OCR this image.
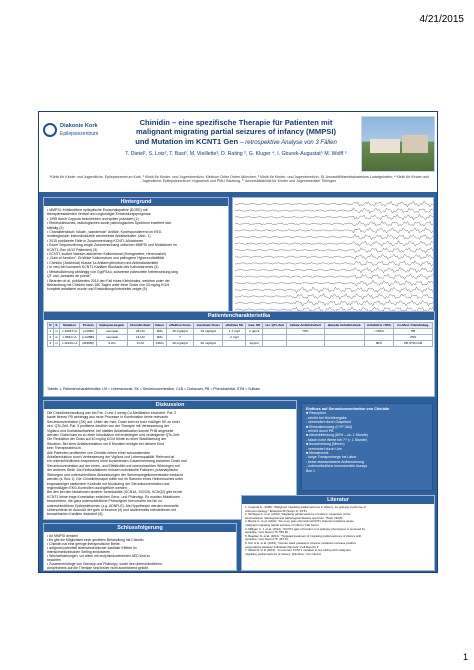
4/21/2015
Diakonie Kork
Epilepsiezentrum
Chinidin – eine spezifische Therapie für Patienten mit
malignant migrating partial seizures of infancy (MMPSI)
und Mutation im KCNT1 Gen – retrospektive Analyse von 3 Fällen
T. Dietel¹, S. Lotz², T. Bast¹, M. Vieillette³, D. Rating ², G. Kluger ⁴, I. Gburek-Augustat⁵ M. Wolff ⁵
¹Klinik für Kinder und Jugendliche, Epilepsiezentrum Kork, ² Klinik für Kinder- und Jugendmedizin, Klinikum Ortler Orden München, ³ Klinik für Kinder- und Jugendmedizin, St. Annastift/Hannibalzweckes Ludwigshafen, ⁴ Klinik für Kinder und Jugendliche, Epilepsiezentrum Vogtareuth und PMU Salzburg, ⁵ Universitätsklinik für Kinder und Jugendmedizin Tübingen
Hintergrund
• MMPSI: frühkindliche epileptische Enzephalopathie (EOEE) mit
therapieresistenten Verlauf und ungünstiger Entwicklungsprognose
• 1995 durch Coppola beschrieben und später präzisiert (1)
• Elektroklinisches, radiologisches sowie pathologisches Spektrum erweitert sich
ständig (2)
• Charakteristisch: fokale, „wandernde" Anfälle, Korrespondierend im EEG
multiregionale, interindividuelle wechselnde Anfallsmuster. (Abb. 1)
• 2015 publizierte Fälle in Zusammenhang KCNT1-Mutationen
• Exom Sequenzierung zeigte Zusammenhang zwischen MMPSI und Mutationen im
KCNT1-Gen (6/12 Patienten) (3)
• KCNT1 kodiert Natrium-aktivierten Kaliumkanal (Homgewebe, Herzmuskel)
• „Gain of function": Erhöhter Kaliumstrom und pathogene Hyperexzitabilität
• Chinidin (Jodchinat) Klasse 1a Antiarrhythmikum und Antimalariamittel
• In vitro bei humanen KCNT1 Kanälen Blockade des Kaliumstromes (4)
• Metabolisierung abhängig von CypP3A4, schwerste potenzielle Nebenwirkung lang
QT und „torsades de pointe"
• Bearden et al. publizierten 2014 den Fall eines Kleinkindes, welches unter der
Behandlung mit Chinidin nach 180 Tagen unter einer Dosis von 33 mg/kg KG/d
komplett anfallsfrei wurde und Entwicklungsfortschritte zeigte (5)
Patientencharakteristika
N	S	Mutation	Protein	Epilepsie-beginn	Chinidin-Start	Dauer	effektive Dosis	maximale Dosis	effektive SK	max. SK	ver. QTc-Zeit	initiale Anfallsfreiheit	aktuelle Anfallsfreiheit	Anfallsfrei >50%	Co-Med. Chinidinbeg.
1	m	c.1004T>A	p.I335N	neonatal	26 LM	8Mo	30 mg/kg/d	33 mg/kg/d	1,7 mg/l	2 µg/ml		75%		<=50%	PB
2	w	c.862G>A	p.G288S	neonatal	14 LM	9Mo	?		2 mg/l						ZNS
3	m	c.1193G>A	pR398Q	9 Wo	9 LM	16Mo	40 mg/kg/d	60 mg/kg/d		2µg/ml				80%	PB,STM,CLB
Tabelle 1: Patientencharakteristika; LM = Lebensmonat, SK = Serumkonzentration, CLB = Clobazam, PB = Phenobarbital, STM = Sultiam
Diskussion
Die Chinidinbehandlung war bei Pat. 2 und 3 wenig Co-Medikation erscheint. Pat. 2
baute binnen PB abhängig aus neue Prozesse in Kombination keine relevante
Serumkonzentration (SK) auf. Unter der max. Dosis kam es trotz mäßiger SK zu einer
verl. QTc-Zeit. Pat. 3 profitierte deutlich von der Therapie mit Verbesserung der
Vigilanz und Kontaktaufnahme, bei stabiler Anfallssituation konnte PHB abgesetzt
werden. Dabei kam es zu einer Intoxikation mit erniedrigter und verlängerter QTc-Zeit.
Die Reduktion der Dosis auf 40 mg/kg KG/d führte zu einer Stabilisierung der
Situation. Bei einer Anfallsreduktion um 8 Monaten erfolgte bei diesem Kind
kein Therapieabbruch.
Alle Patienten profitierten von Chinidin neben einer schwankenden
Anfallsreduktion durch Verbesserung der Vigilanz und Lebensqualität. Relevant ist
ein unterschiedliches Ansprechen ohne konsistenten Zusammenhang zwischen Dosis und
Serumkonzentration auf der einen, und Effektivität und unerwünschten Wirkungen auf
der anderen Seite. Als Einflussfaktoren müssen individuelle Faktoren, präanalytische
Störungen und unterschiedliche Abweichungen der Serumspiegelkonzentration bedacht
werden (s. Box 1). Die Chinidintherapie sollte nur im Rahmen eines Heilversuches unter
engmaschiger stationärer Kontrolle mit Monitoring der Serumkonzentration und
regelmäßigen EKG-Kontrollen durchgeführt werden.
Bei den bei den Mutationen anderer Ionenkanäle (SCN1A, SCN2A, KCNQ2) gibt es bei
KCNT1 keine enge Korrelation zwischen Geno- und Phänotyp. Es wurden Mutationen
beschrieben, die ganz unterschiedliche Phänotypen hervorrufen bis hin zu
unterschiedlichen Epilepsieformen (z.g. ADNFLE). Als Hypothesen werden einerseits
Unterschiede im Ausmaß der gain of function (4) und andererseits Interaktionen mit
benachbarten Kanälen diskutiert (6).
Einfluss auf Serumkonzentration von Chinidin
■ Resorption
- erhöht bei Nüchterngabe
- vermindert durch Grapefruit
■ Eliminationsweg (CYP 3A4)
- erhöht durch PB
■ Albuminbindung (80% – ca. 1 Stunde)
- falsch hohe Werte bei ?? (≈ 1 Stunde)
■ Ausscheidung (Nieren)
- vermindert durch Urin
■ Messtechnik
- lange Transportwege ins Labor
- keine standardisierte Aufbewahrung
- unterschiedliche kommerzielle Assays
Box 1
Schlussfolgerung
• An MMPSI denken!
• Es gibt die Möglichkeit einer gezielten Behandlung mit Chinidin.
• Chinidin hat eine geringe therapeutische Breite.
• aufgrund potentiell lebensbedrohlicher kardialer Effekte im
Intensivmedizinischen Setting eindosieren
• Wechselwirkungen, vor allem mit enzyminduzierenden AED sind zu
beachten
• Zusammenhänge von Genotyp und Phänotyp, sowie des unterschiedlichen
Ansprechens auf die Therapie sind bisher nicht ausreichend geklärt.
Literatur
1. Coppola G. (1995). "Malignant migrating partial seizures in infancy: an epilepsy syndrome of
unknown etiology." Epilepsia 36 (Suppl 1): 45 51
2. McTague A. et al. (2013). "Migrating partial seizures of infancy: expansion of the
electroclinical, radiological and pathological disease spectrum." Brain 136(5)
3. Barcia G. et al. (2012). "De novo gain-of-function KCNT1 channel mutations cause
malignant migrating partial seizures of infancy" Nat Genet
4. Milligan C. J. et al. (2014). "KCNT1 gain of function in 2 epilepsy phenotypes is reversed by
quinidine." Ann Neurol 75: 581 90
5. Bearden D. et al. (2014). "Targeted treatment of migrating partial seizures of infancy with
quinidine." Ann Neurol 76: 457 61
6. Kim G.E. et al. (2014). "Human slack potassium channel mutations increase positive
cooperativity between individual channels" Cell Reports 9
7. Mikati M. et al (2015). "A recurrent KCNT1 mutation in two sibling with malignant
migrating partial seizures of infancy. Quinidine." Ann Neurol
1
